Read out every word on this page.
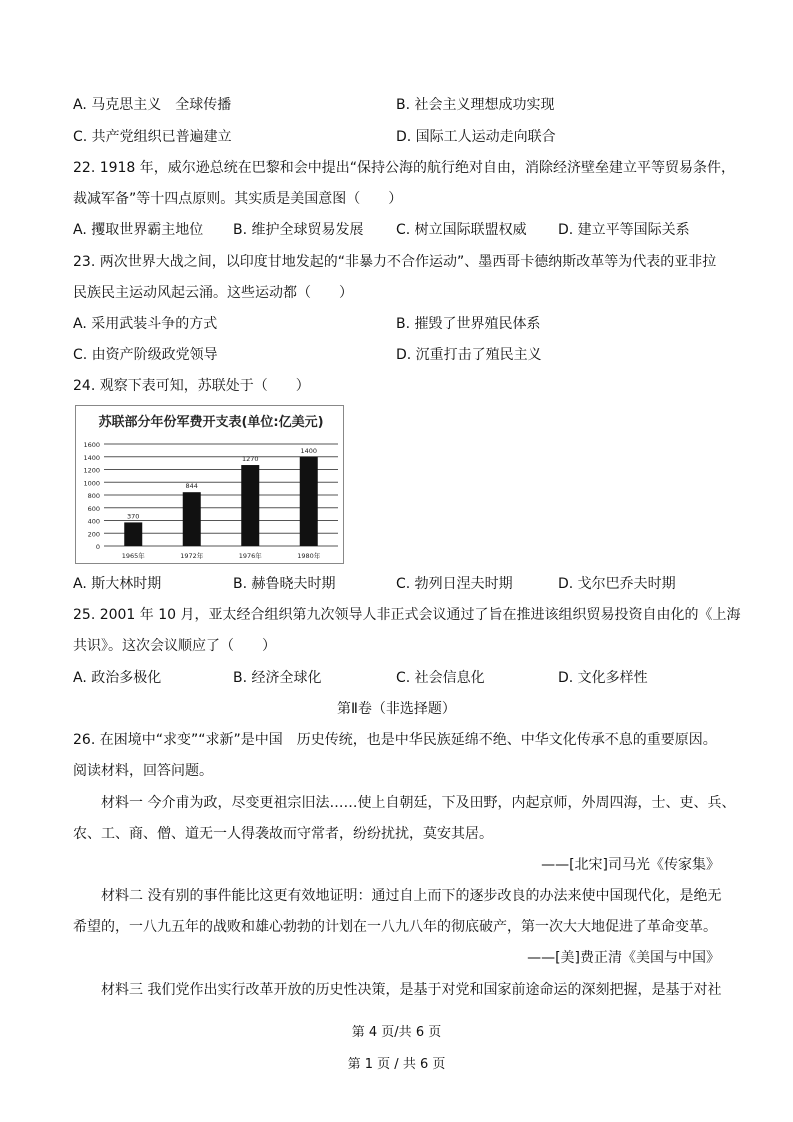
A. 马克思主义　全球传播	B. 社会主义理想成功实现
C. 共产党组织已普遍建立	D. 国际工人运动走向联合
22. 1918 年，威尔逊总统在巴黎和会中提出“保持公海的航行绝对自由，消除经济壁垒建立平等贸易条件，
裁减军备”等十四点原则。其实质是美国意图（　　）
A. 攫取世界霸主地位 B. 维护全球贸易发展 C. 树立国际联盟权威 D. 建立平等国际关系
23. 两次世界大战之间，以印度甘地发起的“非暴力不合作运动”、墨西哥卡德纳斯改革等为代表的亚非拉
民族民主运动风起云涌。这些运动都（　　）
A. 采用武装斗争的方式	B. 摧毁了世界殖民体系
C. 由资产阶级政党领导	D. 沉重打击了殖民主义
24. 观察下表可知，苏联处于（　　）
苏联部分年份军费开支表(单位:亿美元)
0
200
400
600
800
1000
1200
1400
1600
370
1965年
844
1972年
1270
1976年
1400
1980年
A. 斯大林时期	B. 赫鲁晓夫时期	C. 勃列日涅夫时期	D. 戈尔巴乔夫时期
25. 2001 年 10 月，亚太经合组织第九次领导人非正式会议通过了旨在推进该组织贸易投资自由化的《上海
共识》。这次会议顺应了（　　）
A. 政治多极化	B. 经济全球化	C. 社会信息化	D. 文化多样性
第Ⅱ卷（非选择题）
26. 在困境中“求变”“求新”是中国　历史传统，也是中华民族延绵不绝、中华文化传承不息的重要原因。
阅读材料，回答问题。
材料一 今介甫为政，尽变更祖宗旧法……使上自朝廷，下及田野，内起京师，外周四海，士、吏、兵、
农、工、商、僧、道无一人得袭故而守常者，纷纷扰扰，莫安其居。
——[北宋]司马光《传家集》
材料二 没有别的事件能比这更有效地证明：通过自上而下的逐步改良的办法来使中国现代化，是绝无
希望的，一八九五年的战败和雄心勃勃的计划在一八九八年的彻底破产，第一次大大地促进了革命变革。
——[美]费正清《美国与中国》
材料三 我们党作出实行改革开放的历史性决策，是基于对党和国家前途命运的深刻把握，是基于对社
第 4 页/共 6 页
第 1 页 / 共 6 页
